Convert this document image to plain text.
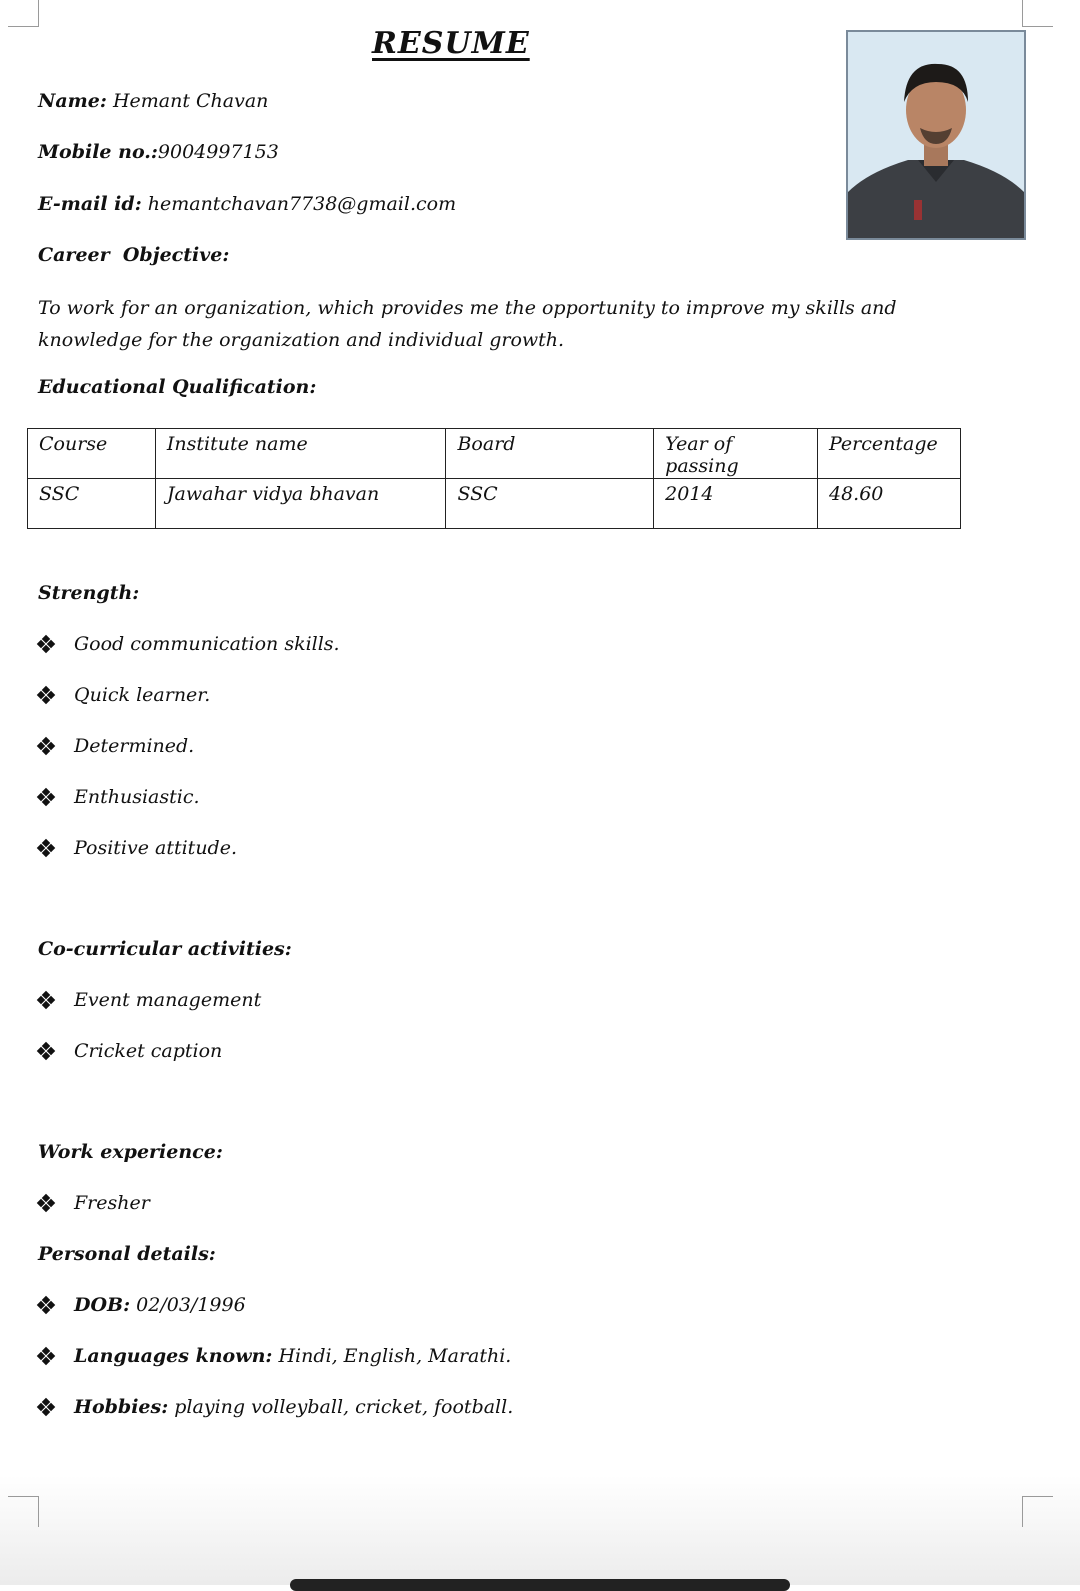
RESUME
Name: Hemant Chavan
Mobile no.:9004997153
E-mail id: hemantchavan7738@gmail.com
Career  Objective:
To work for an organization, which provides me the opportunity to improve my skills and knowledge for the organization and individual growth.
Educational Qualification:
Course	Institute name	Board	Year of passing	Percentage
SSC	Jawahar vidya bhavan	SSC	2014	48.60
Strength:
Good communication skills.
Quick learner.
Determined.
Enthusiastic.
Positive attitude.
Co-curricular activities:
Event management
Cricket caption
Work experience:
Fresher
Personal details:
DOB:
02/03/1996
Languages known:
Hindi, English, Marathi.
Hobbies:
playing volleyball, cricket, football.
